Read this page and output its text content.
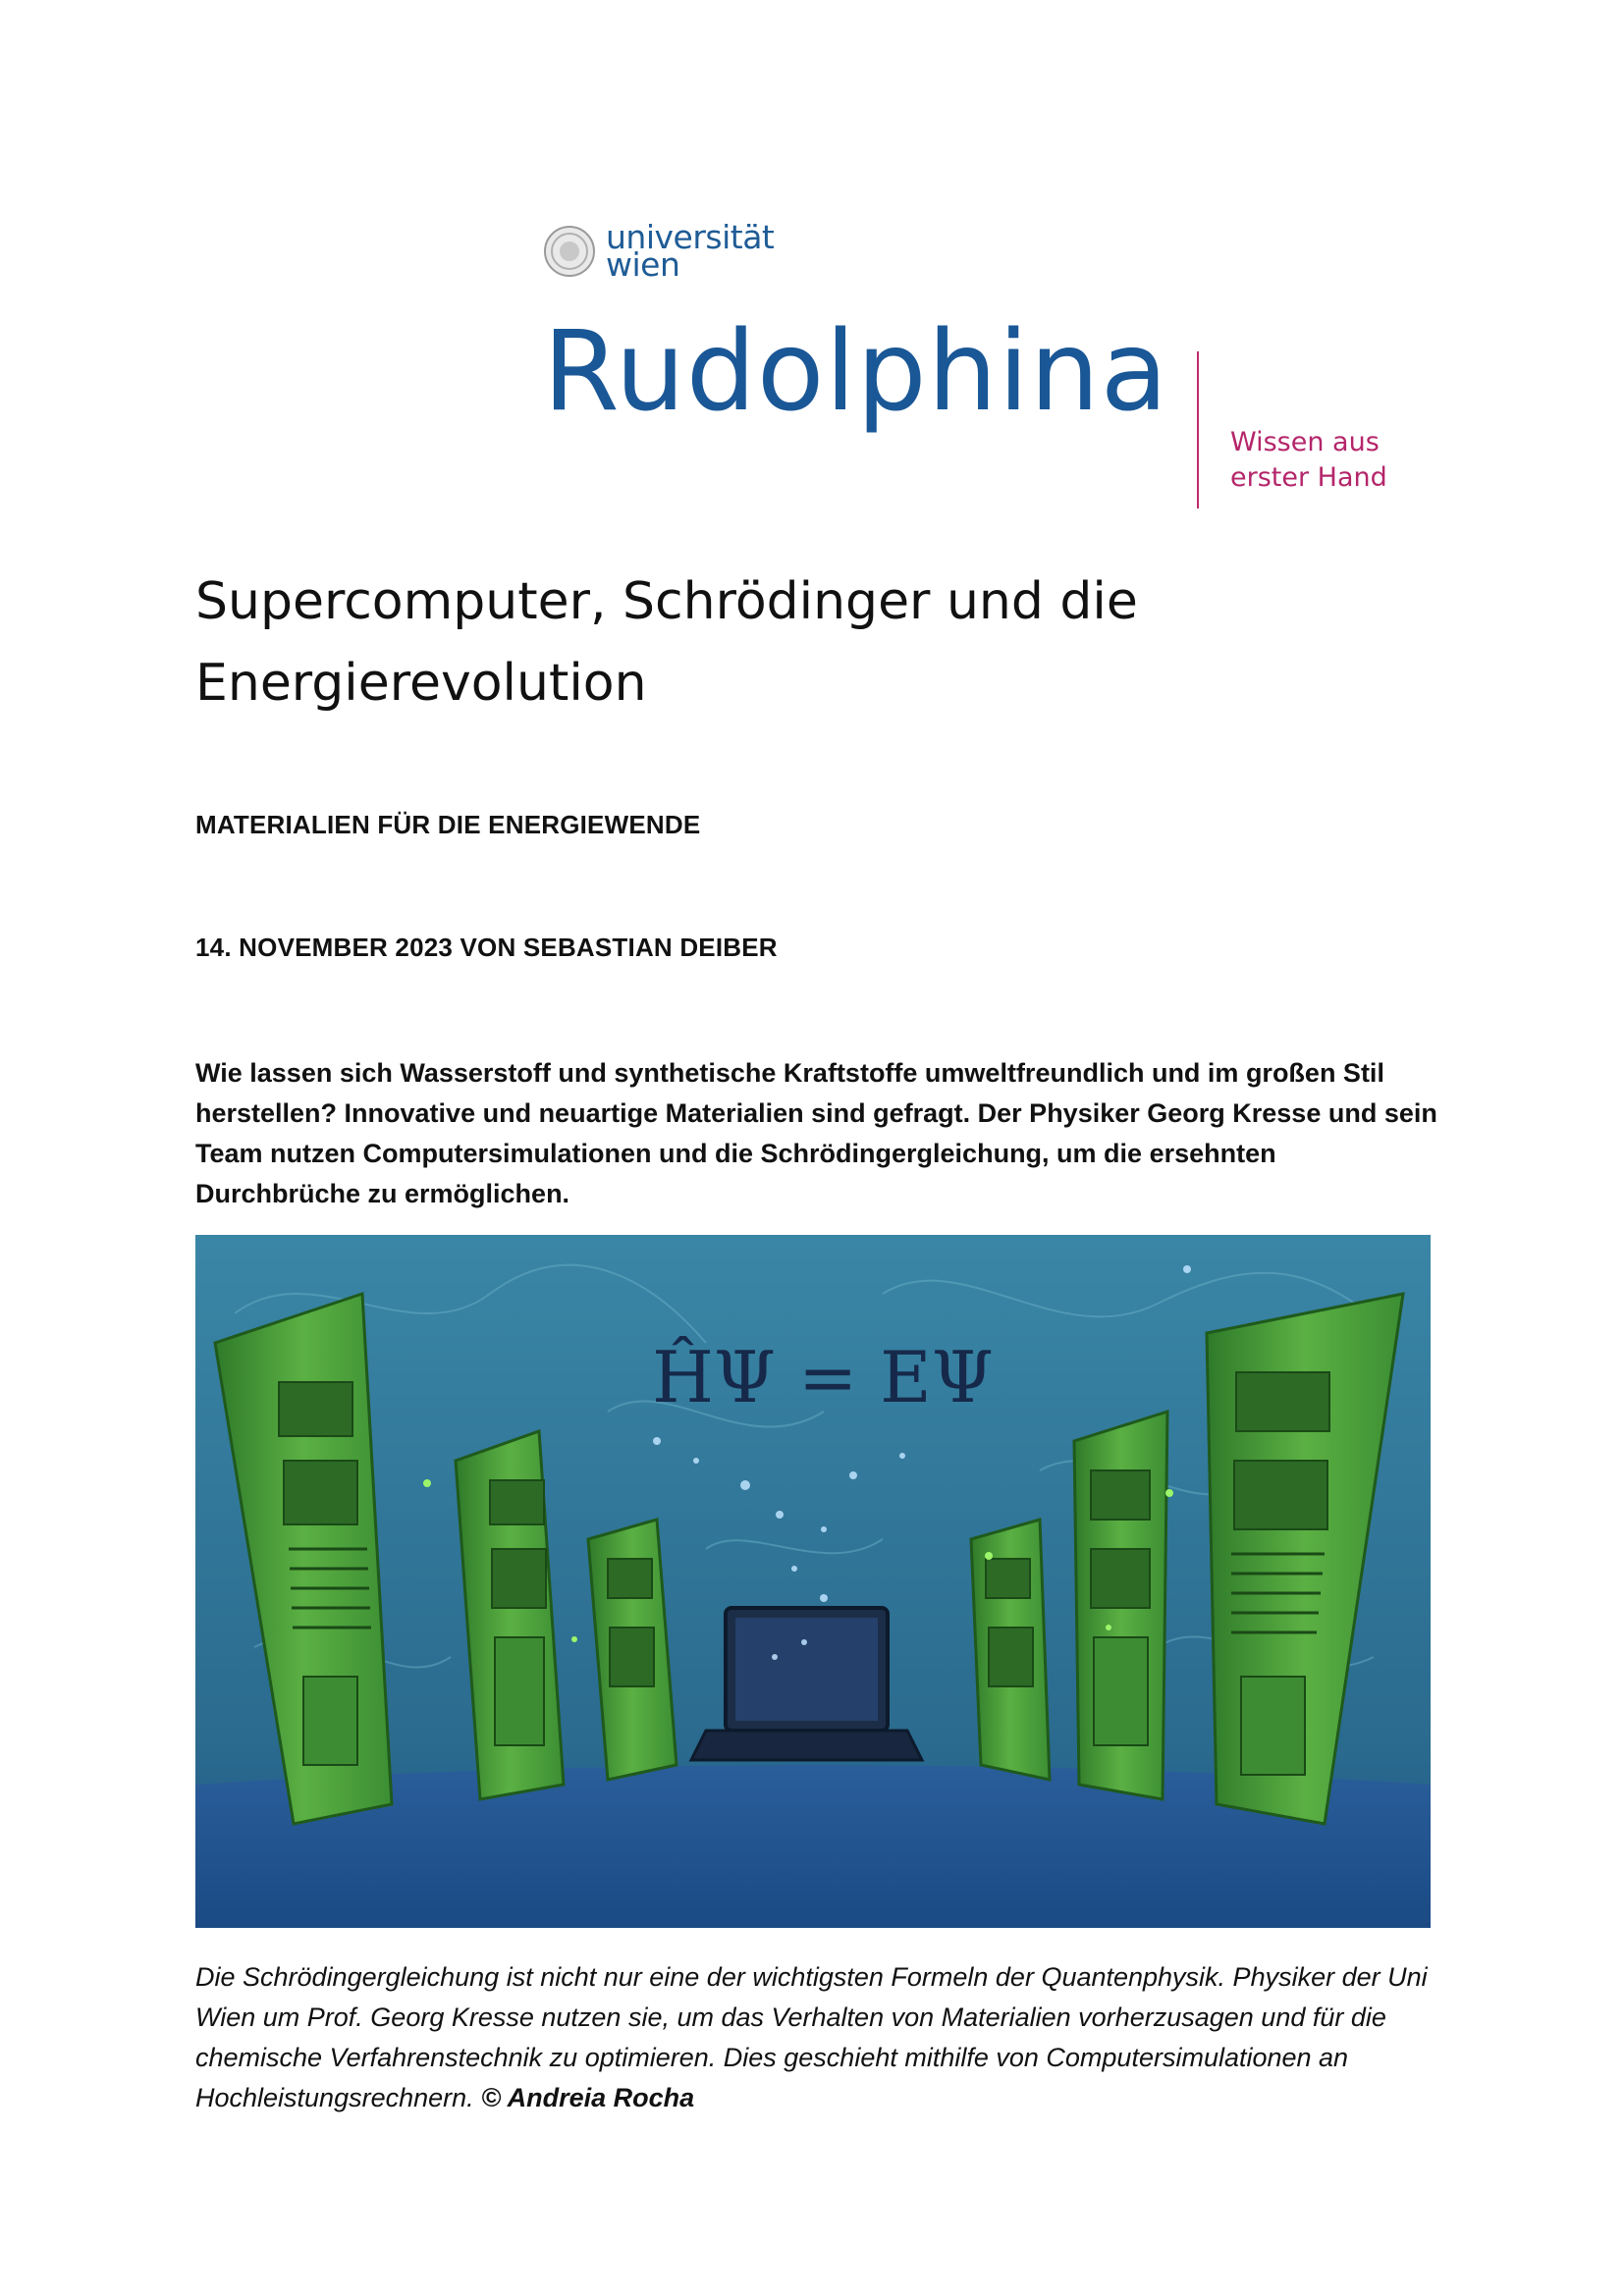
universität
wien
Rudolphina
Wissen aus
erster Hand
Supercomputer, Schrödinger und die Energierevolution

MATERIALIEN FÜR DIE ENERGIEWENDE

14. NOVEMBER 2023 VON SEBASTIAN DEIBER

Wie lassen sich Wasserstoff und synthetische Kraftstoffe umweltfreundlich und im großen Stil herstellen? Innovative und neuartige Materialien sind gefragt. Der Physiker Georg Kresse und sein Team nutzen Computersimulationen und die Schrödingergleichung, um die ersehnten Durchbrüche zu ermöglichen.

ĤΨ = EΨ

Die Schrödingergleichung ist nicht nur eine der wichtigsten Formeln der Quantenphysik. Physiker der Uni Wien um Prof. Georg Kresse nutzen sie, um das Verhalten von Materialien vorherzusagen und für die chemische Verfahrenstechnik zu optimieren. Dies geschieht mithilfe von Computersimulationen an Hochleistungsrechnern. © Andreia Rocha
